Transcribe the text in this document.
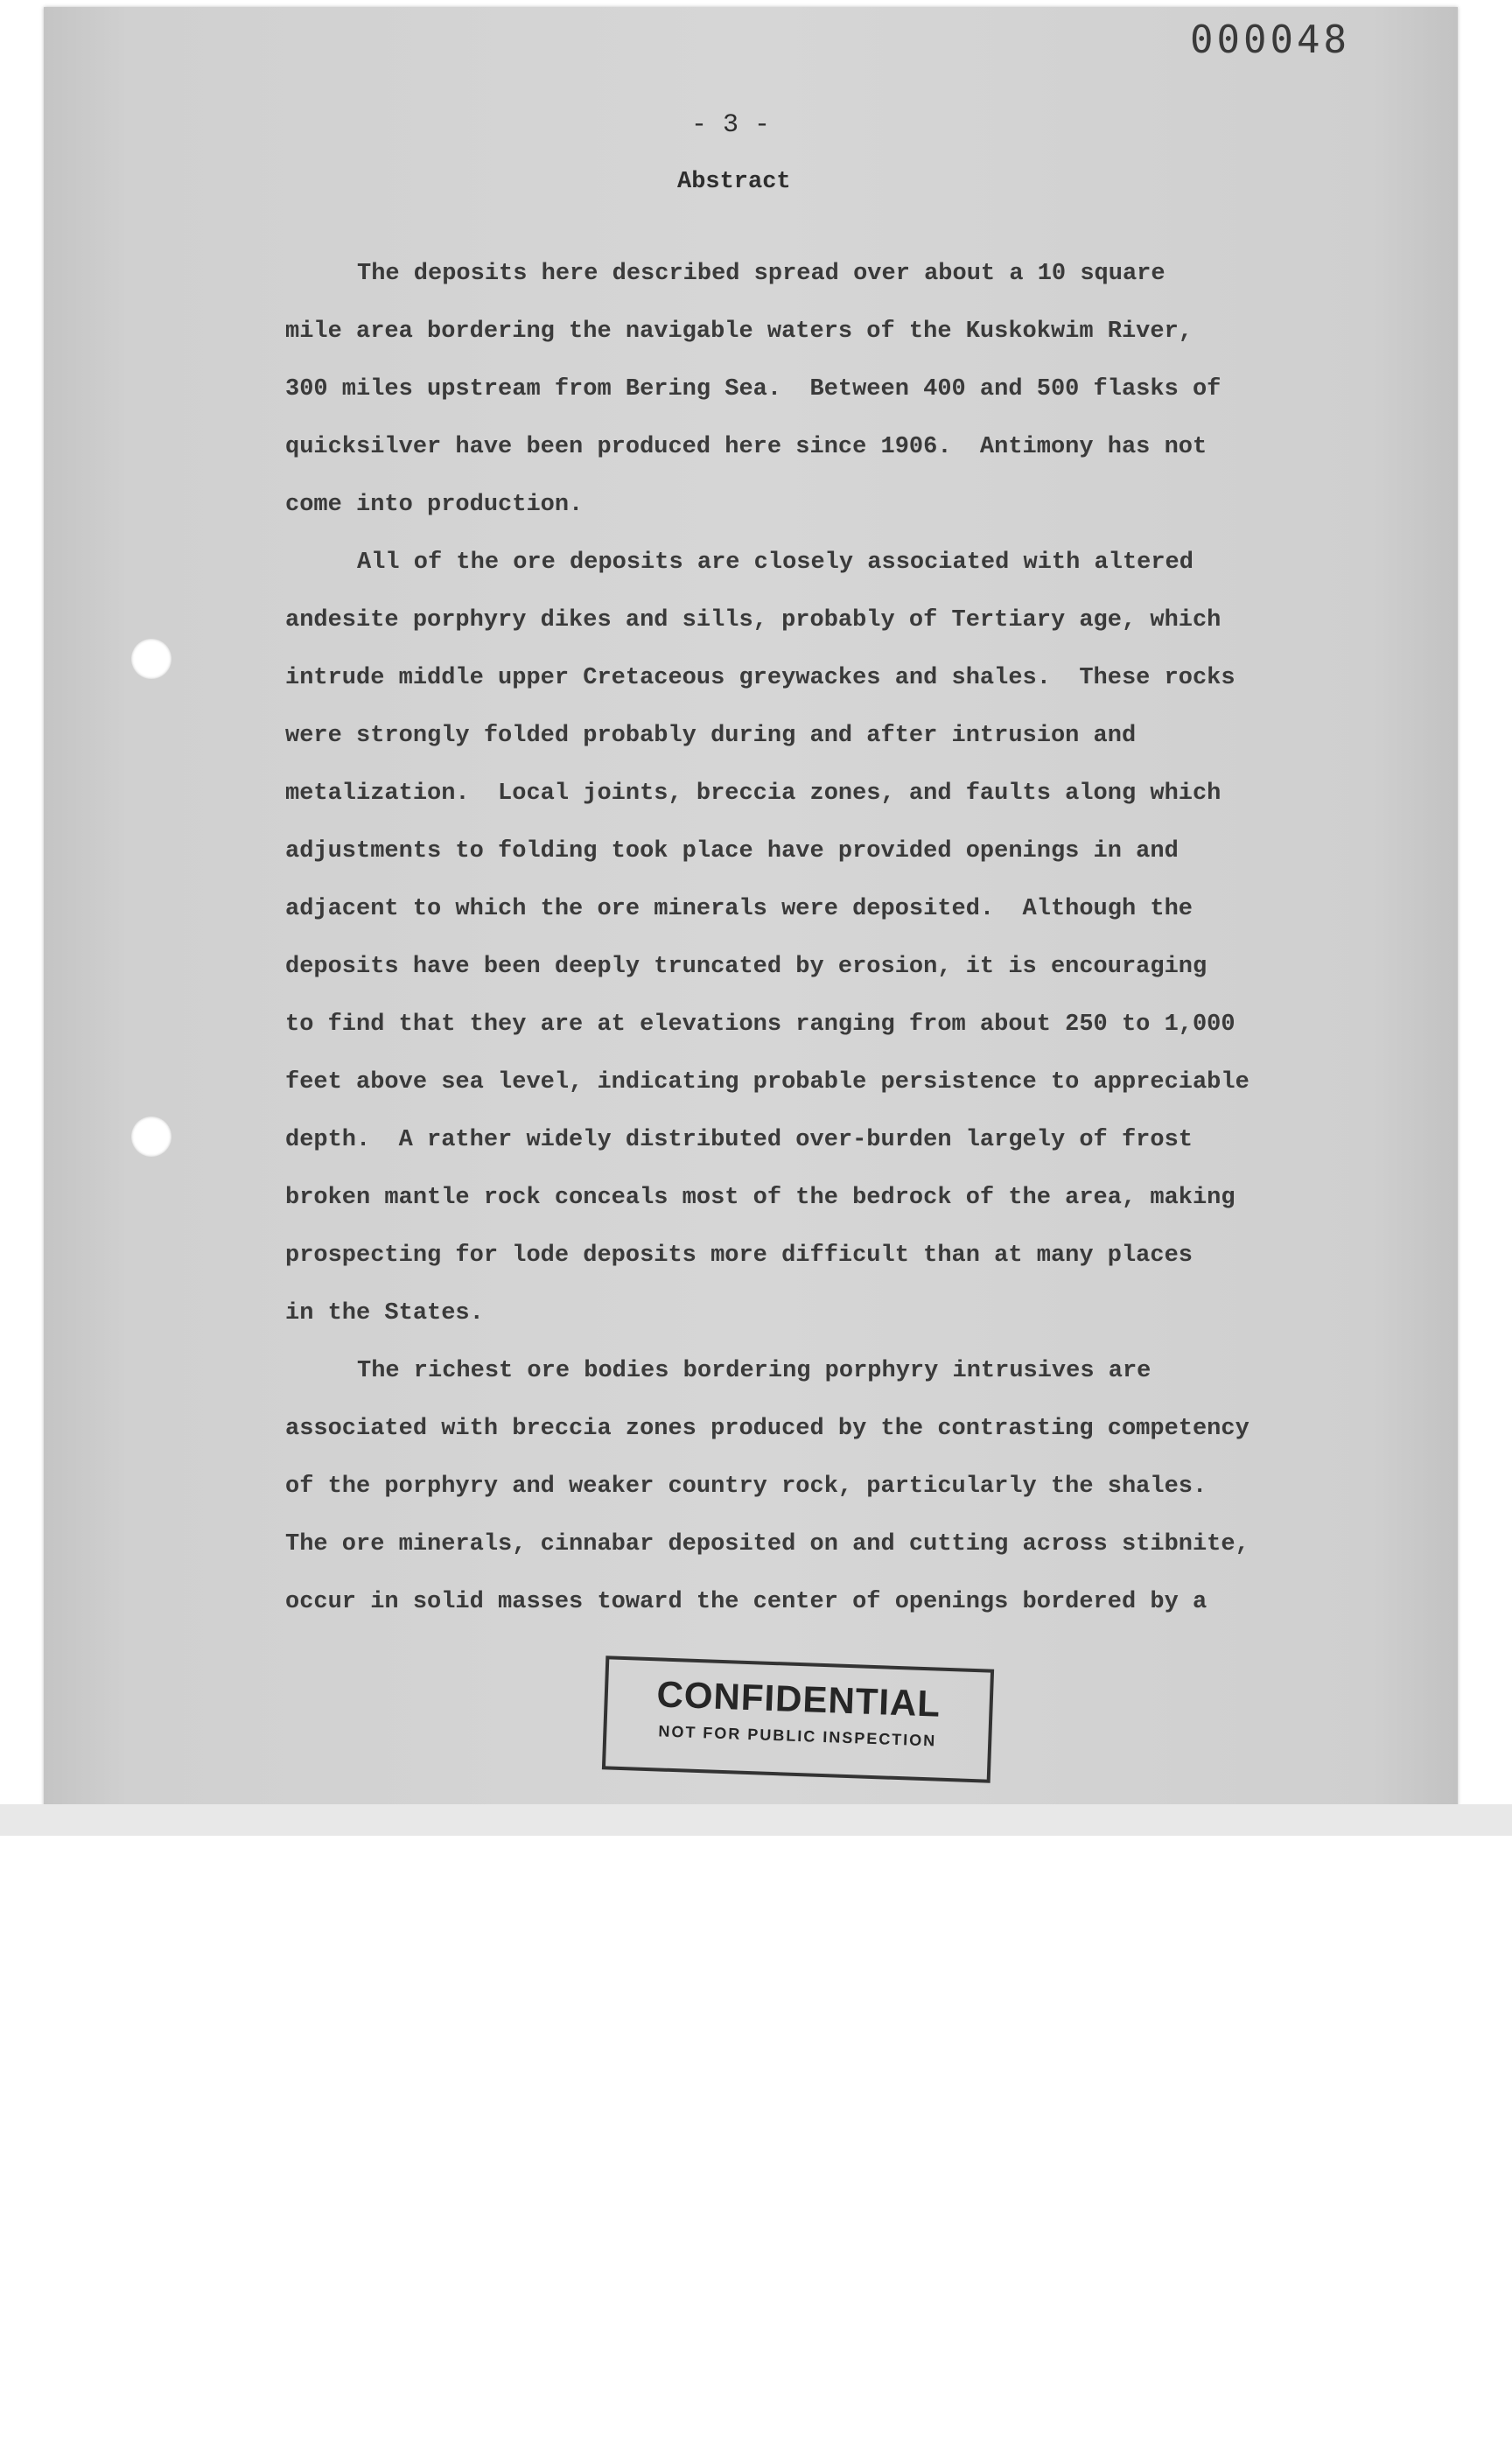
000048
- 3 -
Abstract

The deposits here described spread over about a 10 square
mile area bordering the navigable waters of the Kuskokwim River,
300 miles upstream from Bering Sea.  Between 400 and 500 flasks of
quicksilver have been produced here since 1906.  Antimony has not
come into production.

All of the ore deposits are closely associated with altered
andesite porphyry dikes and sills, probably of Tertiary age, which
intrude middle upper Cretaceous greywackes and shales.  These rocks
were strongly folded probably during and after intrusion and
metalization.  Local joints, breccia zones, and faults along which
adjustments to folding took place have provided openings in and
adjacent to which the ore minerals were deposited.  Although the
deposits have been deeply truncated by erosion, it is encouraging
to find that they are at elevations ranging from about 250 to 1,000
feet above sea level, indicating probable persistence to appreciable
depth.  A rather widely distributed over-burden largely of frost
broken mantle rock conceals most of the bedrock of the area, making
prospecting for lode deposits more difficult than at many places
in the States.

The richest ore bodies bordering porphyry intrusives are
associated with breccia zones produced by the contrasting competency
of the porphyry and weaker country rock, particularly the shales.
The ore minerals, cinnabar deposited on and cutting across stibnite,
occur in solid masses toward the center of openings bordered by a

CONFIDENTIAL
NOT FOR PUBLIC INSPECTION
